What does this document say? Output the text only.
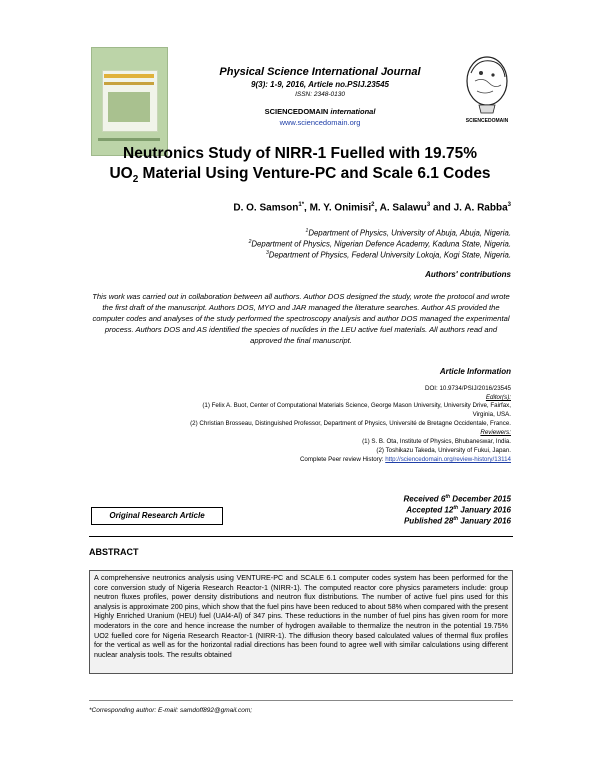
Physical Science International Journal
9(3): 1-9, 2016, Article no.PSIJ.23545
ISSN: 2348-0130
SCIENCEDOMAIN international
www.sciencedomain.org	SCIENCEDOMAIN
Neutronics Study of NIRR-1 Fuelled with 19.75%
$UO_2$ Material Using Venture-PC and Scale 6.1 Codes
D. O. Samson$^{1*}$, M. Y. Onimisi$^2$, A. Salawu$^3$ and J. A. Rabba$^3$
$^1$Department of Physics, University of Abuja, Abuja, Nigeria.
$^2$Department of Physics, Nigerian Defence Academy, Kaduna State, Nigeria.
$^3$Department of Physics, Federal University Lokoja, Kogi State, Nigeria.
Authors' contributions
This work was carried out in collaboration between all authors. Author DOS designed the study, wrote the protocol and wrote the first draft of the manuscript. Authors DOS, MYO and JAR managed the literature searches. Author AS provided the computer codes and analyses of the study performed the spectroscopy analysis and author DOS managed the experimental process. Authors DOS and AS identified the species of nuclides in the LEU active fuel materials. All authors read and approved the final manuscript.
Article Information
DOI: 10.9734/PSIJ/2016/23545
Editor(s):
(1) Felix A. Buot, Center of Computational Materials Science, George Mason University, University Drive, Fairfax,
Virginia, USA.
(2) Christian Brosseau, Distinguished Professor, Department of Physics, Université de Bretagne Occidentale, France.
Reviewers:
(1) S. B. Ota, Institute of Physics, Bhubaneswar, India.
(2) Toshikazu Takeda, University of Fukui, Japan.
Complete Peer review History: http://sciencedomain.org/review-history/13114
Original Research Article
Received 6th December 2015
Accepted 12th January 2016
Published 28th January 2016
ABSTRACT
A comprehensive neutronics analysis using VENTURE-PC and SCALE 6.1 computer codes system has been performed for the core conversion study of Nigeria Research Reactor-1 (NIRR-1). The computed reactor core physics parameters include: group neutron fluxes profiles, power density distributions and neutron flux distributions. The number of active fuel pins used for this analysis is approximate 200 pins, which show that the fuel pins have been reduced to about 58% when compared with the present Highly Enriched Uranium (HEU) fuel (UAl4-Al) of 347 pins. These reductions in the number of fuel pins has given room for more moderators in the core and hence increase the number of hydrogen available to thermalize the neutron in the potential 19.75% UO2 fuelled core for Nigeria Research Reactor-1 (NIRR-1). The diffusion theory based calculated values of thermal flux profiles for the vertical as well as for the horizontal radial directions has been found to agree well with similar calculations using different nuclear analysis tools. The results obtained
*Corresponding author: E-mail: samdoff892@gmail.com;
